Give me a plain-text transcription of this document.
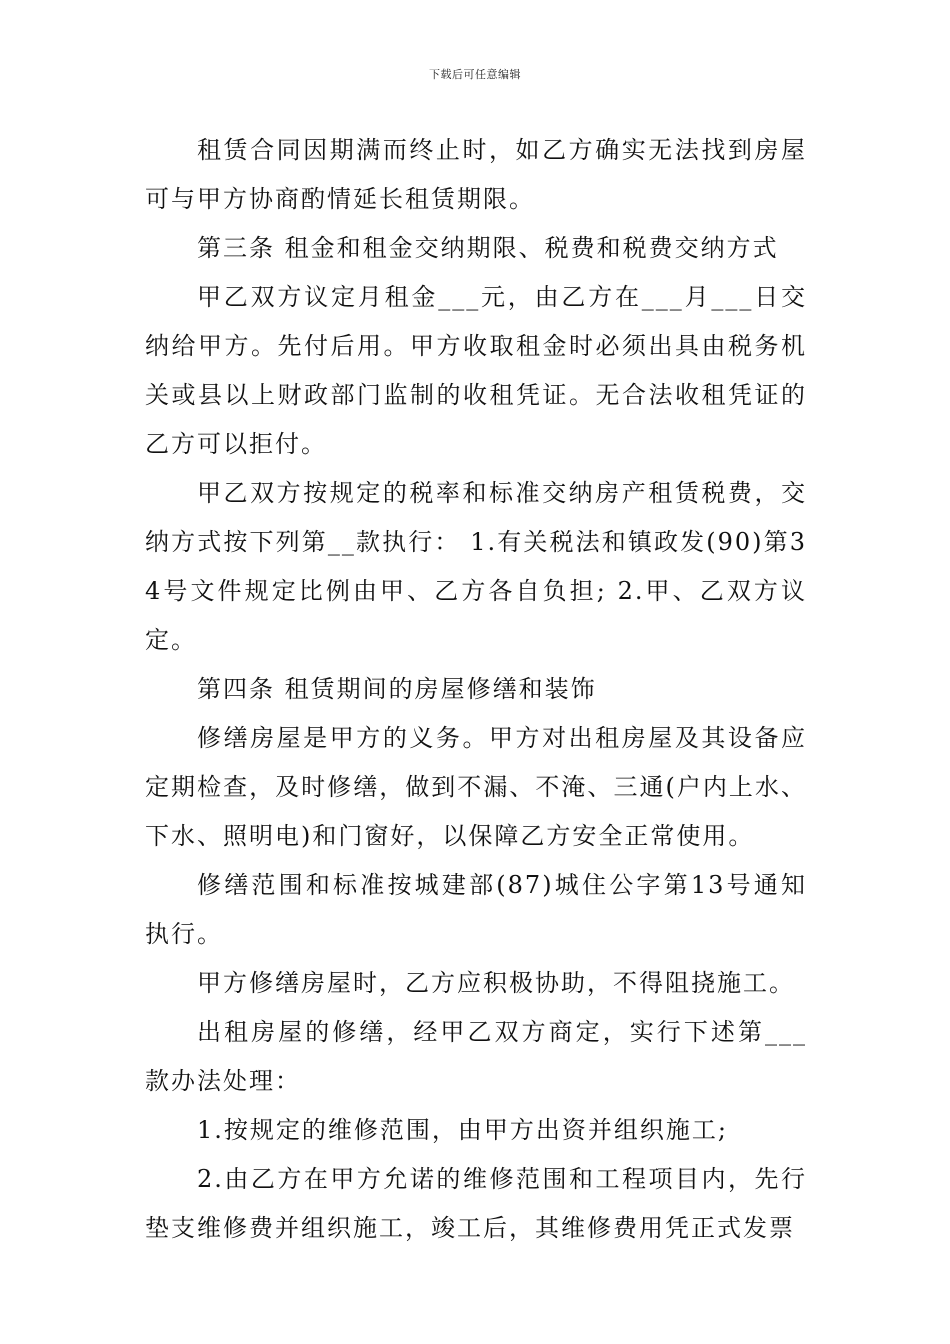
下载后可任意编辑

租赁合同因期满而终止时，如乙方确实无法找到房屋可与甲方协商酌情延长租赁期限。

第三条 租金和租金交纳期限、税费和税费交纳方式

甲乙双方议定月租金___元，由乙方在___月___日交纳给甲方。先付后用。甲方收取租金时必须出具由税务机关或县以上财政部门监制的收租凭证。无合法收租凭证的乙方可以拒付。

甲乙双方按规定的税率和标准交纳房产租赁税费，交纳方式按下列第__款执行： 1.有关税法和镇政发(90)第34号文件规定比例由甲、乙方各自负担; 2.甲、乙双方议定。

第四条 租赁期间的房屋修缮和装饰

修缮房屋是甲方的义务。甲方对出租房屋及其设备应定期检查，及时修缮，做到不漏、不淹、三通(户内上水、下水、照明电)和门窗好，以保障乙方安全正常使用。

修缮范围和标准按城建部(87)城住公字第13号通知执行。

甲方修缮房屋时，乙方应积极协助，不得阻挠施工。

出租房屋的修缮，经甲乙双方商定，实行下述第___款办法处理：

1.按规定的维修范围，由甲方出资并组织施工;

2.由乙方在甲方允诺的维修范围和工程项目内，先行垫支维修费并组织施工，竣工后，其维修费用凭正式发票
